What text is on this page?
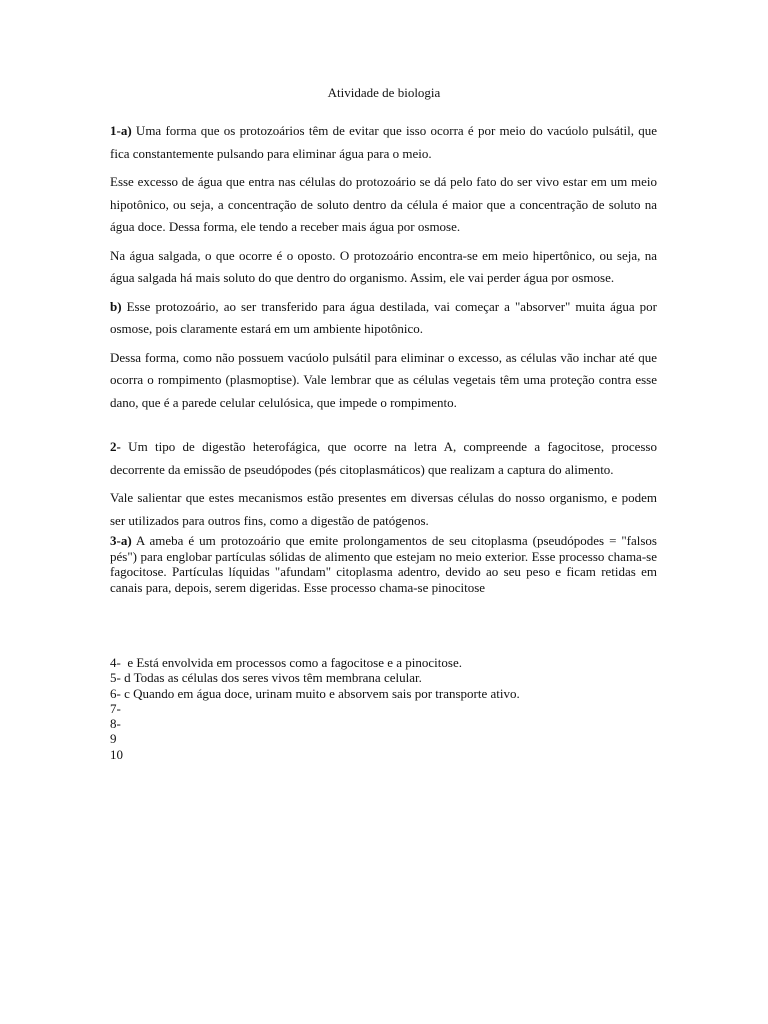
Atividade de biologia

1-a) Uma forma que os protozoários têm de evitar que isso ocorra é por meio do vacúolo pulsátil, que fica constantemente pulsando para eliminar água para o meio.

Esse excesso de água que entra nas células do protozoário se dá pelo fato do ser vivo estar em um meio hipotônico, ou seja, a concentração de soluto dentro da célula é maior que a concentração de soluto na água doce. Dessa forma, ele tendo a receber mais água por osmose.

Na água salgada, o que ocorre é o oposto. O protozoário encontra-se em meio hipertônico, ou seja, na água salgada há mais soluto do que dentro do organismo. Assim, ele vai perder água por osmose.

b) Esse protozoário, ao ser transferido para água destilada, vai começar a "absorver" muita água por osmose, pois claramente estará em um ambiente hipotônico.

Dessa forma, como não possuem vacúolo pulsátil para eliminar o excesso, as células vão inchar até que ocorra o rompimento (plasmoptise). Vale lembrar que as células vegetais têm uma proteção contra esse dano, que é a parede celular celulósica, que impede o rompimento.

2- Um tipo de digestão heterofágica, que ocorre na letra A, compreende a fagocitose, processo decorrente da emissão de pseudópodes (pés citoplasmáticos) que realizam a captura do alimento.

Vale salientar que estes mecanismos estão presentes em diversas células do nosso organismo, e podem ser utilizados para outros fins, como a digestão de patógenos.

3-a) A ameba é um protozoário que emite prolongamentos de seu citoplasma (pseudópodes = "falsos pés") para englobar partículas sólidas de alimento que estejam no meio exterior. Esse processo chama-se fagocitose. Partículas líquidas "afundam" citoplasma adentro, devido ao seu peso e ficam retidas em canais para, depois, serem digeridas. Esse processo chama-se pinocitose

4-  e Está envolvida em processos como a fagocitose e a pinocitose.
5- d Todas as células dos seres vivos têm membrana celular.
6- c Quando em água doce, urinam muito e absorvem sais por transporte ativo.
7-
8-
9
10
